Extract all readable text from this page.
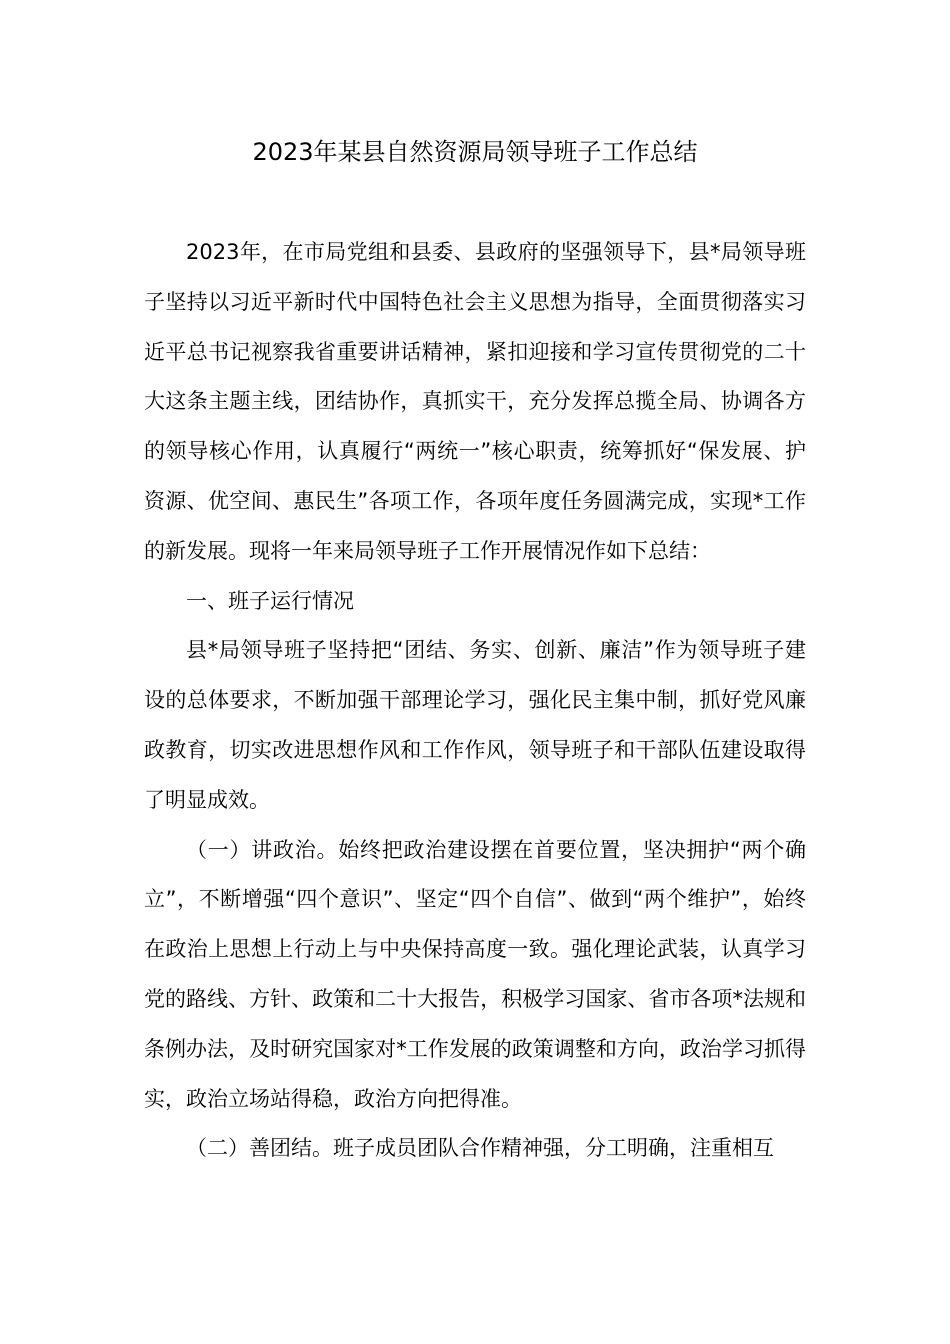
2023年某县自然资源局领导班子工作总结

2023年，在市局党组和县委、县政府的坚强领导下，县*局领导班子坚持以习近平新时代中国特色社会主义思想为指导，全面贯彻落实习近平总书记视察我省重要讲话精神，紧扣迎接和学习宣传贯彻党的二十大这条主题主线，团结协作，真抓实干，充分发挥总揽全局、协调各方的领导核心作用，认真履行“两统一”核心职责，统筹抓好“保发展、护资源、优空间、惠民生”各项工作，各项年度任务圆满完成，实现*工作的新发展。现将一年来局领导班子工作开展情况作如下总结：

一、班子运行情况

县*局领导班子坚持把“团结、务实、创新、廉洁”作为领导班子建设的总体要求，不断加强干部理论学习，强化民主集中制，抓好党风廉政教育，切实改进思想作风和工作作风，领导班子和干部队伍建设取得了明显成效。

（一）讲政治。始终把政治建设摆在首要位置，坚决拥护“两个确立”，不断增强“四个意识”、坚定“四个自信”、做到“两个维护”，始终在政治上思想上行动上与中央保持高度一致。强化理论武装，认真学习党的路线、方针、政策和二十大报告，积极学习国家、省市各项*法规和条例办法，及时研究国家对*工作发展的政策调整和方向，政治学习抓得实，政治立场站得稳，政治方向把得准。

（二）善团结。班子成员团队合作精神强，分工明确，注重相互
